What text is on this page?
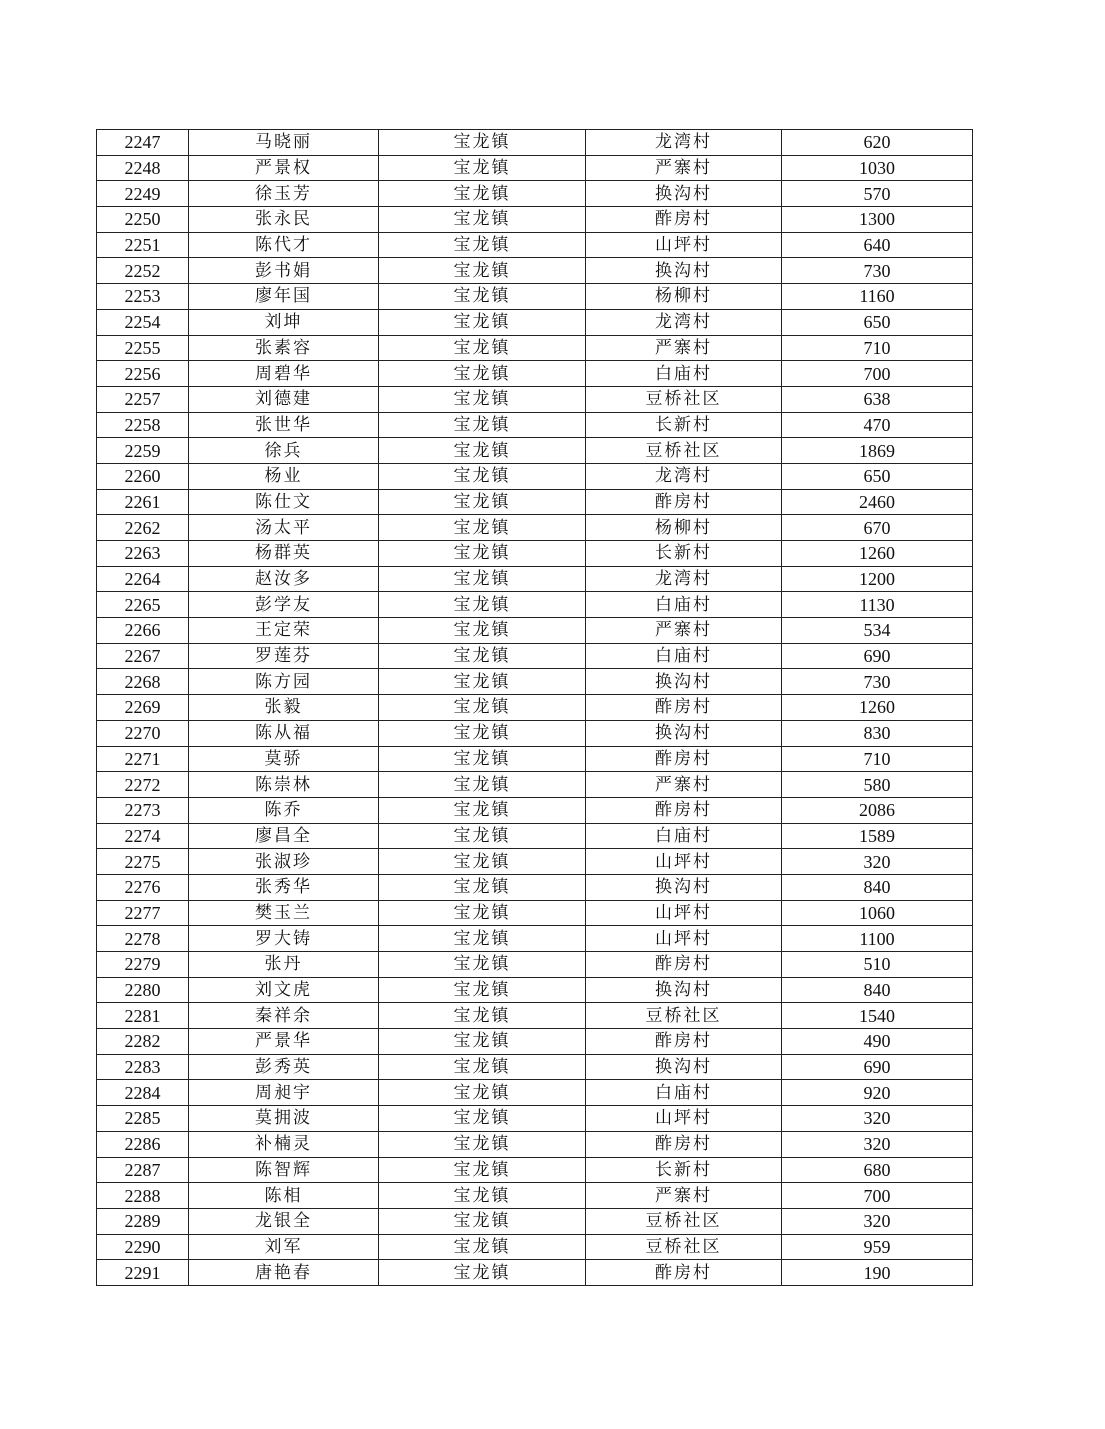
2247	马晓丽	宝龙镇	龙湾村	620
2248	严景权	宝龙镇	严寨村	1030
2249	徐玉芳	宝龙镇	换沟村	570
2250	张永民	宝龙镇	酢房村	1300
2251	陈代才	宝龙镇	山坪村	640
2252	彭书娟	宝龙镇	换沟村	730
2253	廖年国	宝龙镇	杨柳村	1160
2254	刘坤	宝龙镇	龙湾村	650
2255	张素容	宝龙镇	严寨村	710
2256	周碧华	宝龙镇	白庙村	700
2257	刘德建	宝龙镇	豆桥社区	638
2258	张世华	宝龙镇	长新村	470
2259	徐兵	宝龙镇	豆桥社区	1869
2260	杨业	宝龙镇	龙湾村	650
2261	陈仕文	宝龙镇	酢房村	2460
2262	汤太平	宝龙镇	杨柳村	670
2263	杨群英	宝龙镇	长新村	1260
2264	赵汝多	宝龙镇	龙湾村	1200
2265	彭学友	宝龙镇	白庙村	1130
2266	王定荣	宝龙镇	严寨村	534
2267	罗莲芬	宝龙镇	白庙村	690
2268	陈方园	宝龙镇	换沟村	730
2269	张毅	宝龙镇	酢房村	1260
2270	陈从福	宝龙镇	换沟村	830
2271	莫骄	宝龙镇	酢房村	710
2272	陈崇林	宝龙镇	严寨村	580
2273	陈乔	宝龙镇	酢房村	2086
2274	廖昌全	宝龙镇	白庙村	1589
2275	张淑珍	宝龙镇	山坪村	320
2276	张秀华	宝龙镇	换沟村	840
2277	樊玉兰	宝龙镇	山坪村	1060
2278	罗大铸	宝龙镇	山坪村	1100
2279	张丹	宝龙镇	酢房村	510
2280	刘文虎	宝龙镇	换沟村	840
2281	秦祥余	宝龙镇	豆桥社区	1540
2282	严景华	宝龙镇	酢房村	490
2283	彭秀英	宝龙镇	换沟村	690
2284	周昶宇	宝龙镇	白庙村	920
2285	莫拥波	宝龙镇	山坪村	320
2286	补楠灵	宝龙镇	酢房村	320
2287	陈智辉	宝龙镇	长新村	680
2288	陈相	宝龙镇	严寨村	700
2289	龙银全	宝龙镇	豆桥社区	320
2290	刘军	宝龙镇	豆桥社区	959
2291	唐艳春	宝龙镇	酢房村	190
